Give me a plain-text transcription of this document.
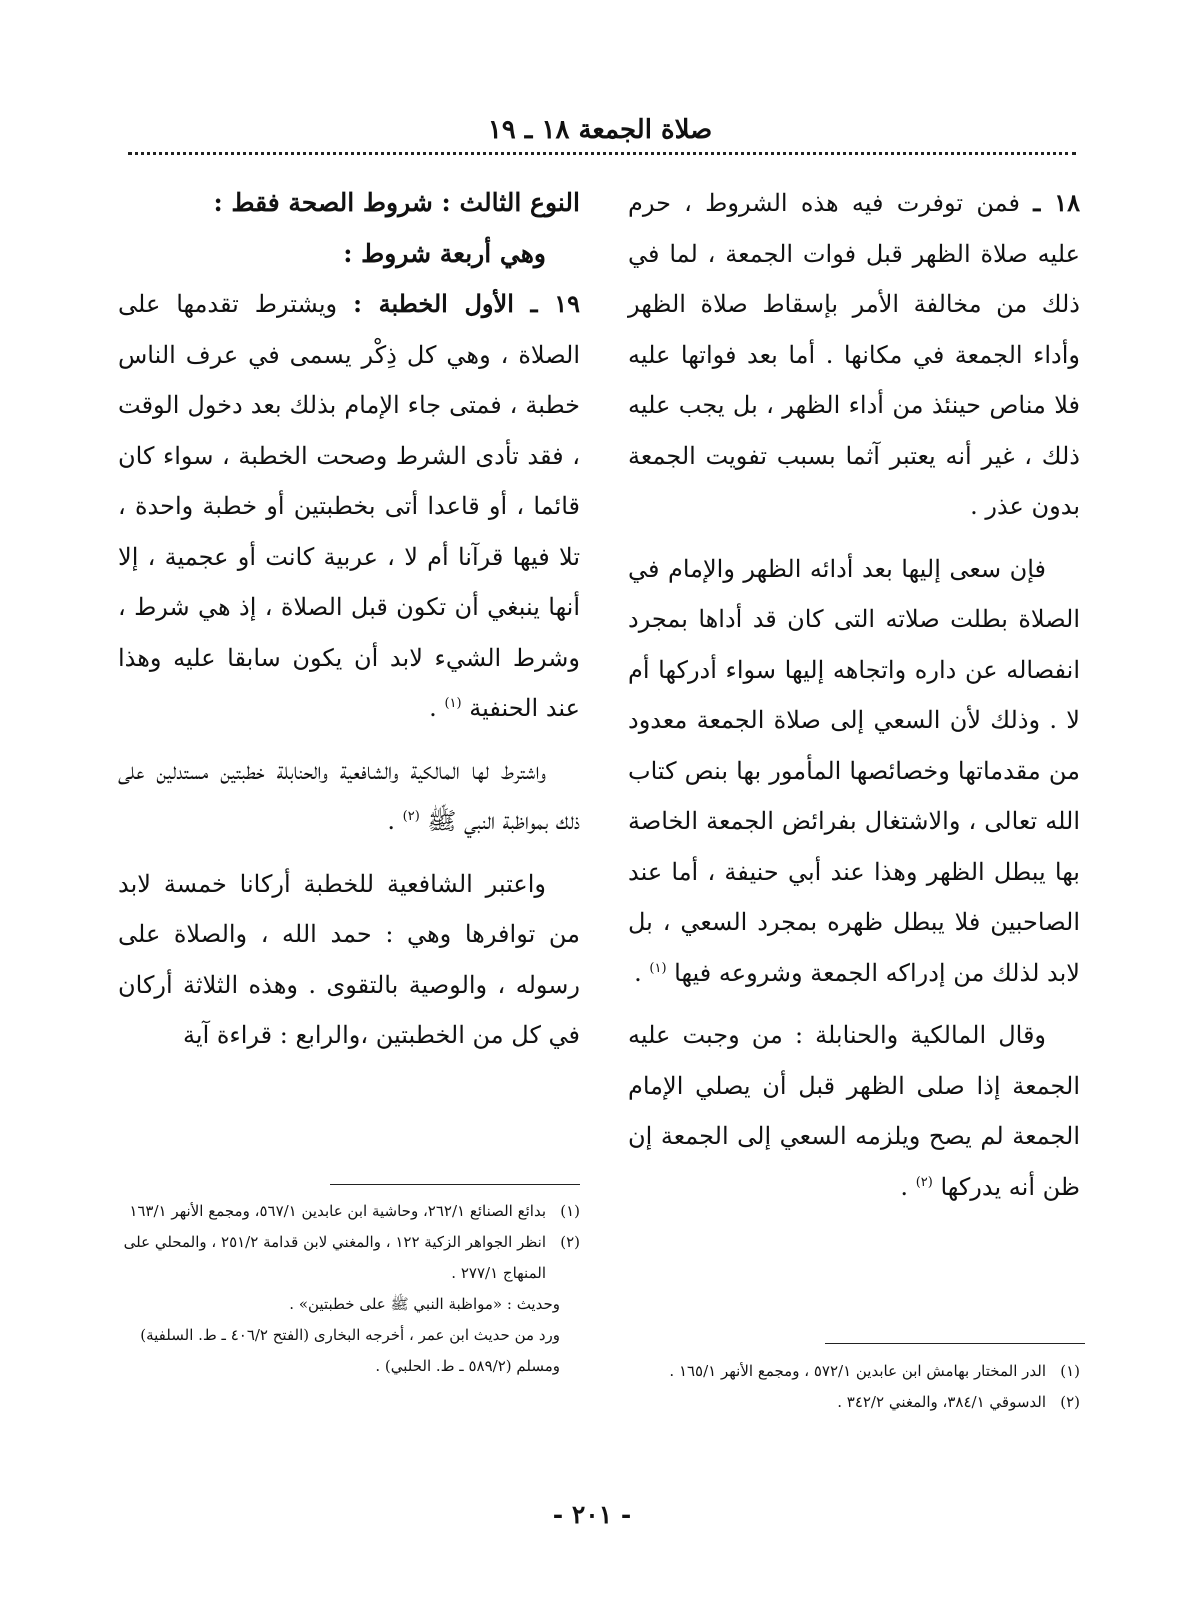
صلاة الجمعة ١٨ ـ ١٩

١٨ ـ فمن توفرت فيه هذه الشروط ، حرم عليه صلاة الظهر قبل فوات الجمعة ، لما في ذلك من مخالفة الأمر بإسقاط صلاة الظهر وأداء الجمعة في مكانها . أما بعد فواتها عليه فلا مناص حينئذ من أداء الظهر ، بل يجب عليه ذلك ، غير أنه يعتبر آثما بسبب تفويت الجمعة بدون عذر .

فإن سعى إليها بعد أدائه الظهر والإمام في الصلاة بطلت صلاته التى كان قد أداها بمجرد انفصاله عن داره واتجاهه إليها سواء أدركها أم لا . وذلك لأن السعي إلى صلاة الجمعة معدود من مقدماتها وخصائصها المأمور بها بنص كتاب الله تعالى ، والاشتغال بفرائض الجمعة الخاصة بها يبطل الظهر وهذا عند أبي حنيفة ، أما عند الصاحبين فلا يبطل ظهره بمجرد السعي ، بل لابد لذلك من إدراكه الجمعة وشروعه فيها $^{(١)}$ .

وقال المالكية والحنابلة : من وجبت عليه الجمعة إذا صلى الظهر قبل أن يصلي الإمام الجمعة لم يصح ويلزمه السعي إلى الجمعة إن ظن أنه يدركها $^{(٢)}$ .

النوع الثالث : شروط الصحة فقط :

وهي أربعة شروط :

١٩ ـ الأول الخطبة : ويشترط تقدمها على الصلاة ، وهي كل ذِكْر يسمى في عرف الناس خطبة ، فمتى جاء الإمام بذلك بعد دخول الوقت ، فقد تأدى الشرط وصحت الخطبة ، سواء كان قائما ، أو قاعدا أتى بخطبتين أو خطبة واحدة ، تلا فيها قرآنا أم لا ، عربية كانت أو عجمية ، إلا أنها ينبغي أن تكون قبل الصلاة ، إذ هي شرط ، وشرط الشيء لابد أن يكون سابقا عليه وهذا عند الحنفية $^{(١)}$ .

واشترط لها المالكية والشافعية والحنابلة خطبتين مستدلين على ذلك بمواظبة النبي ﷺ $^{(٢)}$ .

واعتبر الشافعية للخطبة أركانا خمسة لابد من توافرها وهي : حمد الله ، والصلاة على رسوله ، والوصية بالتقوى . وهذه الثلاثة أركان في كل من الخطبتين ،والرابع : قراءة آية

(١)
الدر المختار بهامش ابن عابدين ٥٧٢/١ ، ومجمع الأنهر ١٦٥/١ .

(٢)
الدسوقي ٣٨٤/١، والمغني ٣٤٢/٢ .

(١)
بدائع الصنائع ٢٦٢/١، وحاشية ابن عابدين ٥٦٧/١، ومجمع الأنهر ١٦٣/١

(٢)
انظر الجواهر الزكية ١٢٢ ، والمغني لابن قدامة ٢٥١/٢ ، والمحلي على المنهاج ٢٧٧/١ .

وحديث : «مواظبة النبي ﷺ على خطبتين» .

ورد من حديث ابن عمر ، أخرجه البخارى (الفتح ٤٠٦/٢ ـ ط. السلفية) ومسلم (٥٨٩/٢ ـ ط. الحلبي) .

- ٢٠١ -
